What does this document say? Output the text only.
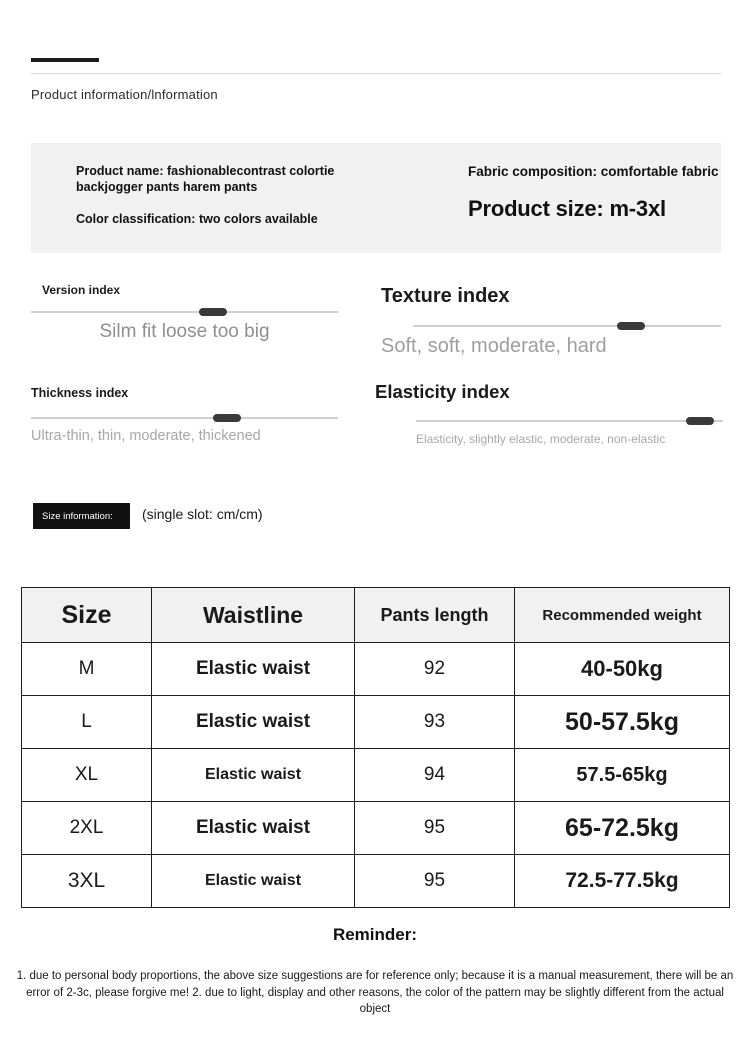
Product information/lnformation
Product name: fashionablecontrast colortie backjogger pants harem pants
Color classification: two colors available
Fabric composition: comfortable fabric
Product size: m-3xl
Version index
Silm fit loose too big
Texture index
Soft, soft, moderate, hard
Thickness index
Ultra-thin, thin, moderate, thickened
Elasticity index
Elasticity, slightly elastic, moderate, non-elastic
Size information:	(single slot: cm/cm)
Size	Waistline	Pants length	Recommended weight
M	Elastic waist	92	40-50kg
L	Elastic waist	93	50-57.5kg
XL	Elastic waist	94	57.5-65kg
2XL	Elastic waist	95	65-72.5kg
3XL	Elastic waist	95	72.5-77.5kg
Reminder:
1. due to personal body proportions, the above size suggestions are for reference only; because it is a manual measurement, there will be an error of 2-3c, please forgive me! 2. due to light, display and other reasons, the color of the pattern may be slightly different from the actual object
